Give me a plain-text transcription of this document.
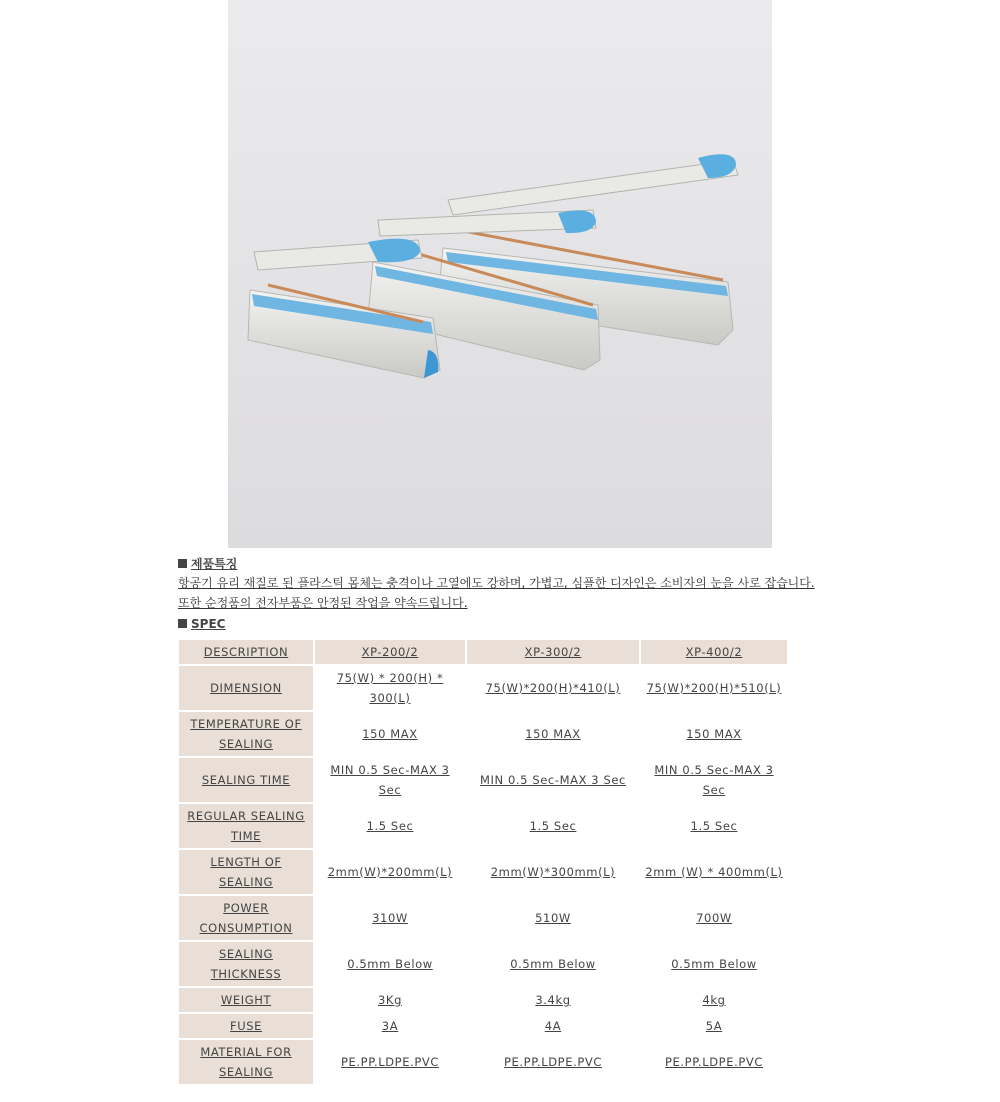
제품특징
항공기 유리 재질로 된 플라스틱 몸체는 충격이나 고열에도 강하며, 가볍고, 심플한 디자인은 소비자의 눈을 사로 잡습니다. 또한 순정품의 전자부품은 안정된 작업을 약속드립니다.
SPEC
DESCRIPTION	XP-200/2	XP-300/2	XP-400/2
DIMENSION	75(W) * 200(H) * 300(L)	75(W)*200(H)*410(L)	75(W)*200(H)*510(L)
TEMPERATURE OF SEALING	150 MAX	150 MAX	150 MAX
SEALING TIME	MIN 0.5 Sec-MAX 3 Sec	MIN 0.5 Sec-MAX 3 Sec	MIN 0.5 Sec-MAX 3 Sec
REGULAR SEALING TIME	1.5 Sec	1.5 Sec	1.5 Sec
LENGTH OF SEALING	2mm(W)*200mm(L)	2mm(W)*300mm(L)	2mm (W) * 400mm(L)
POWER CONSUMPTION	310W	510W	700W
SEALING THICKNESS	0.5mm Below	0.5mm Below	0.5mm Below
WEIGHT	3Kg	3.4kg	4kg
FUSE	3A	4A	5A
MATERIAL FOR SEALING	PE.PP.LDPE.PVC	PE.PP.LDPE.PVC	PE.PP.LDPE.PVC
